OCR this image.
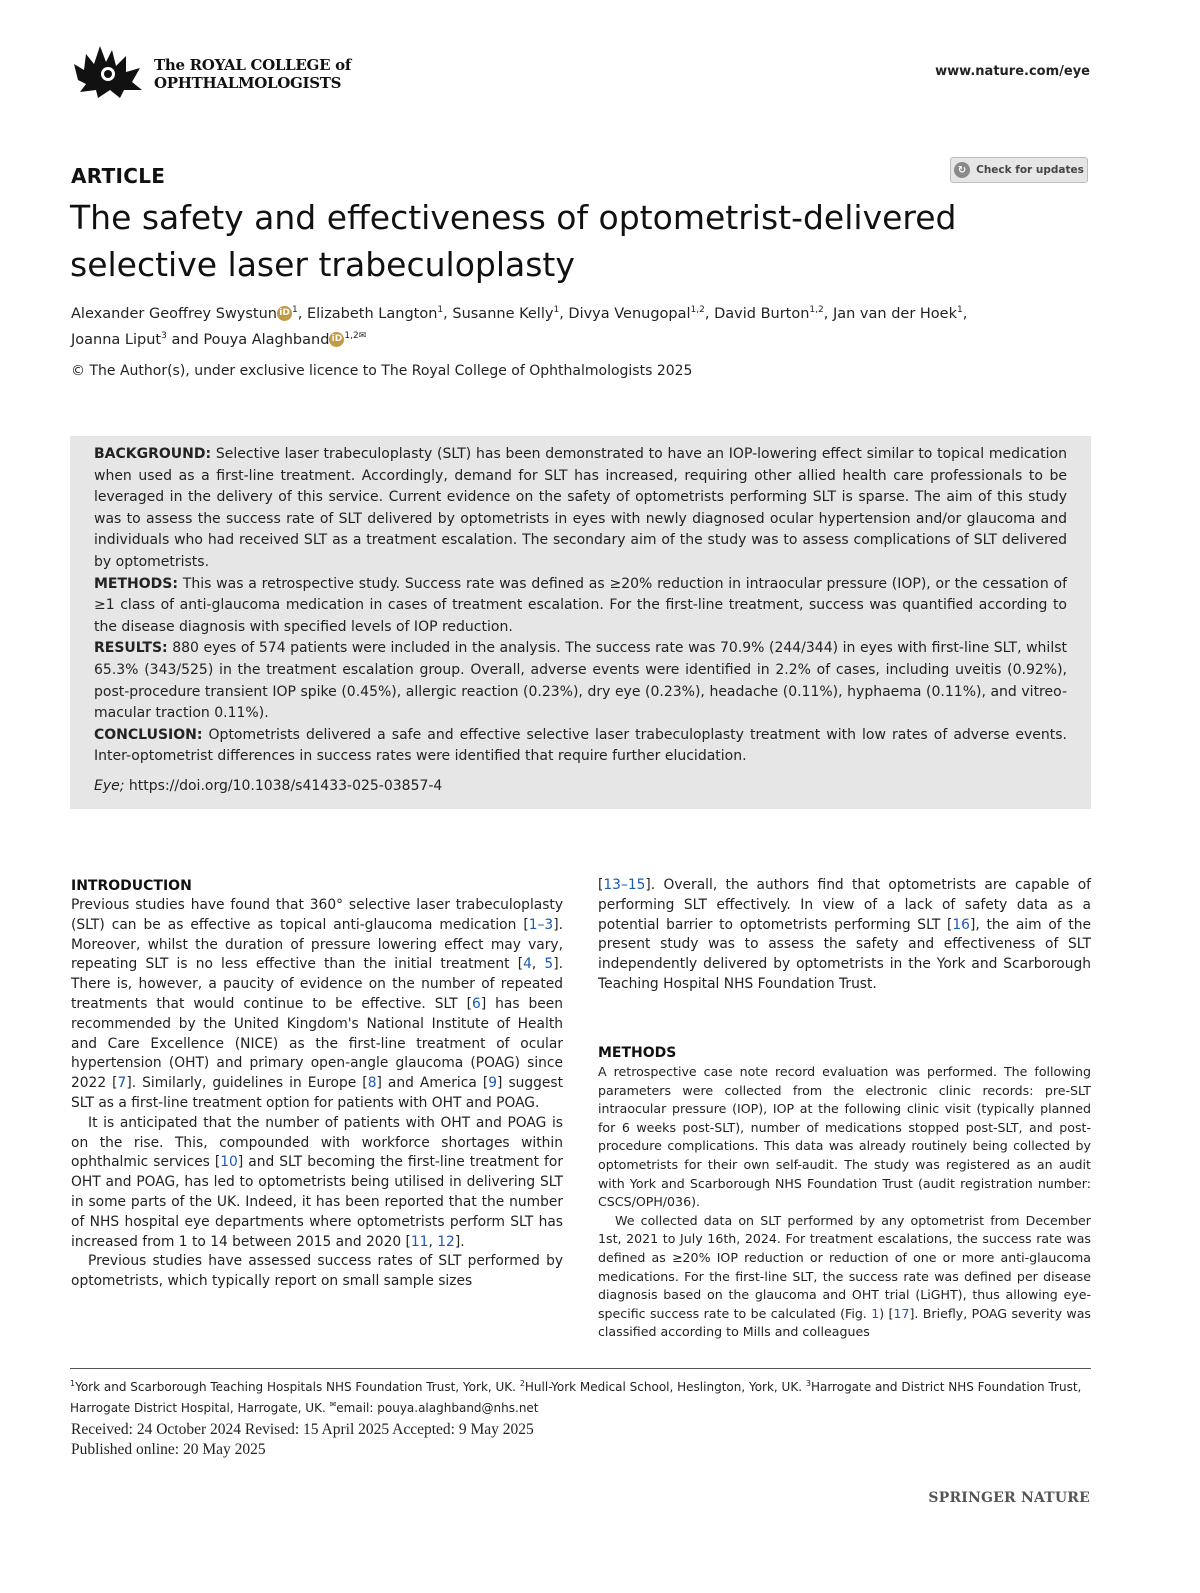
The ROYAL COLLEGE of
OPHTHALMOLOGISTS
www.nature.com/eye
ARTICLE	↻ Check for updates
The safety and effectiveness of optometrist-delivered selective laser trabeculoplasty
Alexander Geoffrey Swystun iD $^1$, Elizabeth Langton$^1$, Susanne Kelly$^1$, Divya Venugopal$^{1,2}$, David Burton$^{1,2}$, Jan van der Hoek$^1$,
Joanna Liput$^3$ and Pouya Alaghband iD $^{1,2✉}$
© The Author(s), under exclusive licence to The Royal College of Ophthalmologists 2025

BACKGROUND: Selective laser trabeculoplasty (SLT) has been demonstrated to have an IOP-lowering effect similar to topical medication when used as a first-line treatment. Accordingly, demand for SLT has increased, requiring other allied health care professionals to be leveraged in the delivery of this service. Current evidence on the safety of optometrists performing SLT is sparse. The aim of this study was to assess the success rate of SLT delivered by optometrists in eyes with newly diagnosed ocular hypertension and/or glaucoma and individuals who had received SLT as a treatment escalation. The secondary aim of the study was to assess complications of SLT delivered by optometrists.

METHODS: This was a retrospective study. Success rate was defined as ≥20% reduction in intraocular pressure (IOP), or the cessation of ≥1 class of anti-glaucoma medication in cases of treatment escalation. For the first-line treatment, success was quantified according to the disease diagnosis with specified levels of IOP reduction.

RESULTS: 880 eyes of 574 patients were included in the analysis. The success rate was 70.9% (244/344) in eyes with first-line SLT, whilst 65.3% (343/525) in the treatment escalation group. Overall, adverse events were identified in 2.2% of cases, including uveitis (0.92%), post-procedure transient IOP spike (0.45%), allergic reaction (0.23%), dry eye (0.23%), headache (0.11%), hyphaema (0.11%), and vitreo-macular traction 0.11%).

CONCLUSION: Optometrists delivered a safe and effective selective laser trabeculoplasty treatment with low rates of adverse events. Inter-optometrist differences in success rates were identified that require further elucidation.

Eye; https://doi.org/10.1038/s41433-025-03857-4

INTRODUCTION

Previous studies have found that 360° selective laser trabeculoplasty (SLT) can be as effective as topical anti-glaucoma medication [1–3]. Moreover, whilst the duration of pressure lowering effect may vary, repeating SLT is no less effective than the initial treatment [4, 5]. There is, however, a paucity of evidence on the number of repeated treatments that would continue to be effective. SLT [6] has been recommended by the United Kingdom's National Institute of Health and Care Excellence (NICE) as the first-line treatment of ocular hypertension (OHT) and primary open-angle glaucoma (POAG) since 2022 [7]. Similarly, guidelines in Europe [8] and America [9] suggest SLT as a first-line treatment option for patients with OHT and POAG.

It is anticipated that the number of patients with OHT and POAG is on the rise. This, compounded with workforce shortages within ophthalmic services [10] and SLT becoming the first-line treatment for OHT and POAG, has led to optometrists being utilised in delivering SLT in some parts of the UK. Indeed, it has been reported that the number of NHS hospital eye departments where optometrists perform SLT has increased from 1 to 14 between 2015 and 2020 [11, 12].

Previous studies have assessed success rates of SLT performed by optometrists, which typically report on small sample sizes

[13–15]. Overall, the authors find that optometrists are capable of performing SLT effectively. In view of a lack of safety data as a potential barrier to optometrists performing SLT [16], the aim of the present study was to assess the safety and effectiveness of SLT independently delivered by optometrists in the York and Scarborough Teaching Hospital NHS Foundation Trust.

METHODS

A retrospective case note record evaluation was performed. The following parameters were collected from the electronic clinic records: pre-SLT intraocular pressure (IOP), IOP at the following clinic visit (typically planned for 6 weeks post-SLT), number of medications stopped post-SLT, and post-procedure complications. This data was already routinely being collected by optometrists for their own self-audit. The study was registered as an audit with York and Scarborough NHS Foundation Trust (audit registration number: CSCS/OPH/036).

We collected data on SLT performed by any optometrist from December 1st, 2021 to July 16th, 2024. For treatment escalations, the success rate was defined as ≥20% IOP reduction or reduction of one or more anti-glaucoma medications. For the first-line SLT, the success rate was defined per disease diagnosis based on the glaucoma and OHT trial (LiGHT), thus allowing eye-specific success rate to be calculated (Fig. 1) [17]. Briefly, POAG severity was classified according to Mills and colleagues

$^1$York and Scarborough Teaching Hospitals NHS Foundation Trust, York, UK. $^2$Hull-York Medical School, Heslington, York, UK. $^3$Harrogate and District NHS Foundation Trust, Harrogate District Hospital, Harrogate, UK. ✉email: pouya.alaghband@nhs.net
Received: 24 October 2024 Revised: 15 April 2025 Accepted: 9 May 2025
Published online: 20 May 2025
SPRINGER NATURE
